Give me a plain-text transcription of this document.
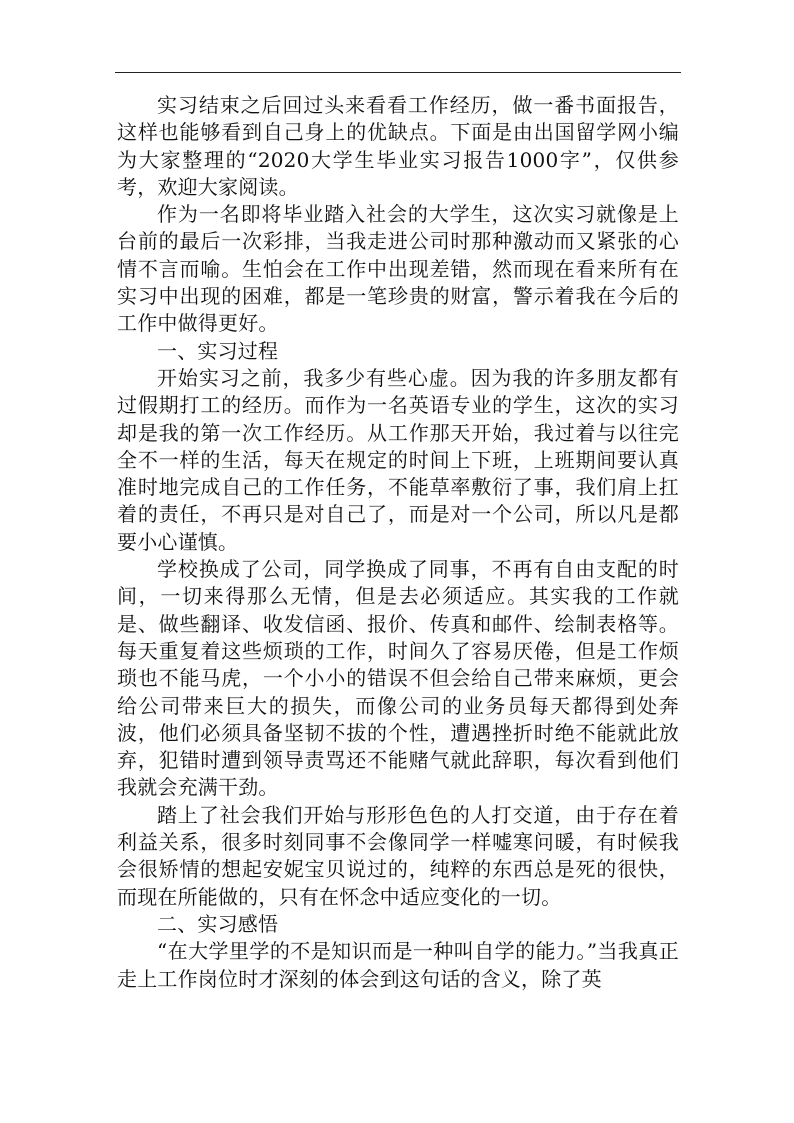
实习结束之后回过头来看看工作经历，做一番书面报告，这样也能够看到自己身上的优缺点。下面是由出国留学网小编为大家整理的“2020大学生毕业实习报告1000字”，仅供参考，欢迎大家阅读。

作为一名即将毕业踏入社会的大学生，这次实习就像是上台前的最后一次彩排，当我走进公司时那种激动而又紧张的心情不言而喻。生怕会在工作中出现差错，然而现在看来所有在实习中出现的困难，都是一笔珍贵的财富，警示着我在今后的工作中做得更好。

一、实习过程

开始实习之前，我多少有些心虚。因为我的许多朋友都有过假期打工的经历。而作为一名英语专业的学生，这次的实习却是我的第一次工作经历。从工作那天开始，我过着与以往完全不一样的生活，每天在规定的时间上下班，上班期间要认真准时地完成自己的工作任务，不能草率敷衍了事，我们肩上扛着的责任，不再只是对自己了，而是对一个公司，所以凡是都要小心谨慎。

学校换成了公司，同学换成了同事，不再有自由支配的时间，一切来得那么无情，但是去必须适应。其实我的工作就是、做些翻译、收发信函、报价、传真和邮件、绘制表格等。每天重复着这些烦琐的工作，时间久了容易厌倦，但是工作烦琐也不能马虎，一个小小的错误不但会给自己带来麻烦，更会给公司带来巨大的损失，而像公司的业务员每天都得到处奔波，他们必须具备坚韧不拔的个性，遭遇挫折时绝不能就此放弃，犯错时遭到领导责骂还不能赌气就此辞职，每次看到他们我就会充满干劲。

踏上了社会我们开始与形形色色的人打交道，由于存在着利益关系，很多时刻同事不会像同学一样嘘寒问暖，有时候我会很矫情的想起安妮宝贝说过的，纯粹的东西总是死的很快，而现在所能做的，只有在怀念中适应变化的一切。

二、实习感悟

“在大学里学的不是知识而是一种叫自学的能力。”当我真正走上工作岗位时才深刻的体会到这句话的含义，除了英
